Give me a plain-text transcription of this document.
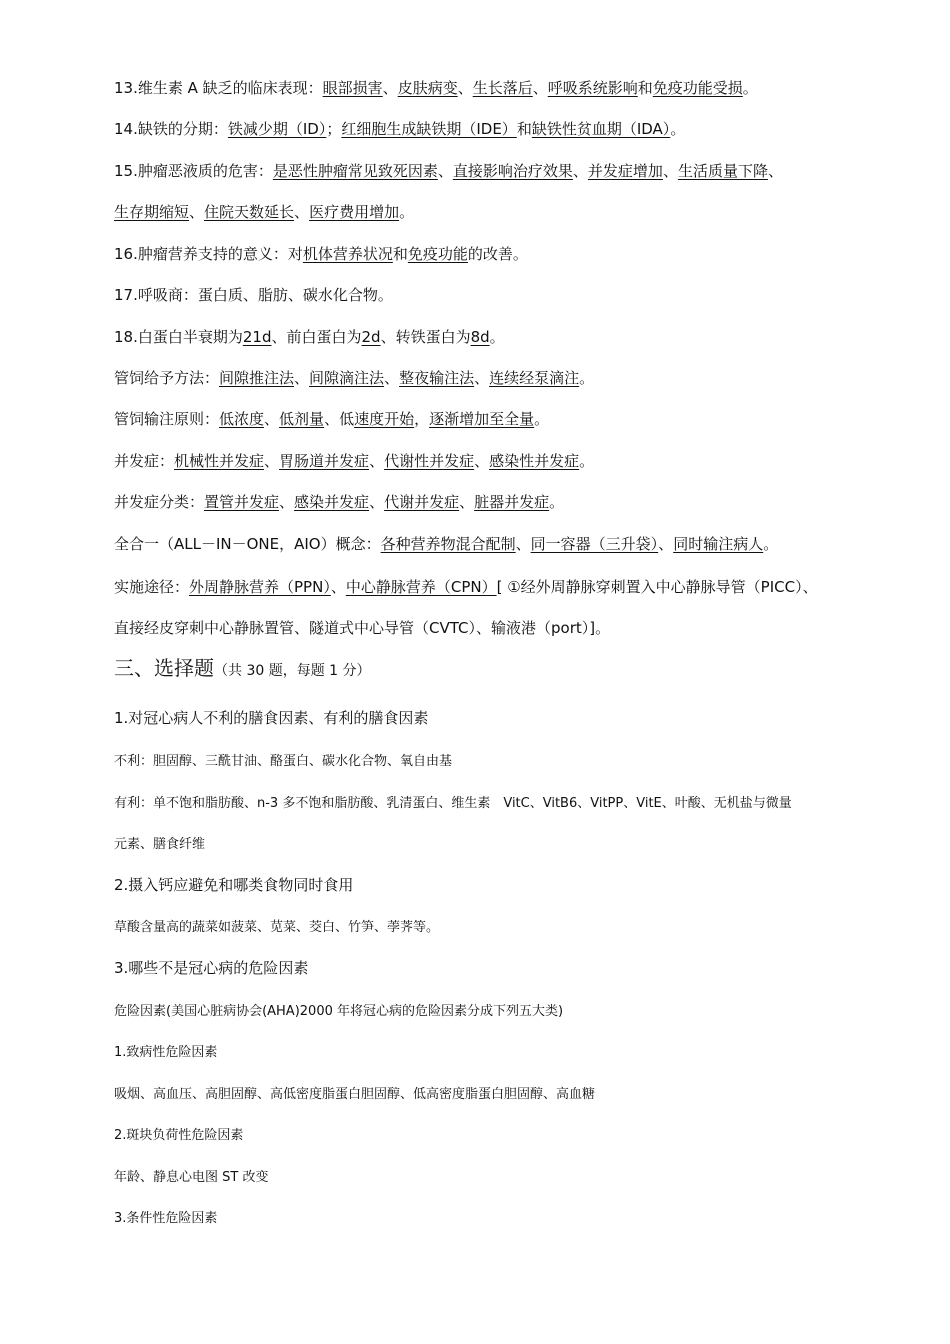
13.维生素 A 缺乏的临床表现：眼部损害、皮肤病变、生长落后、呼吸系统影响和免疫功能受损。
14.缺铁的分期：铁减少期（ID）；红细胞生成缺铁期（IDE）和缺铁性贫血期（IDA）。
15.肿瘤恶液质的危害：是恶性肿瘤常见致死因素、直接影响治疗效果、并发症增加、生活质量下降、
生存期缩短、住院天数延长、医疗费用增加。
16.肿瘤营养支持的意义：对机体营养状况和免疫功能的改善。
17.呼吸商：蛋白质、脂肪、碳水化合物。
18.白蛋白半衰期为21d、前白蛋白为2d、转铁蛋白为8d。
管饲给予方法：间隙推注法、间隙滴注法、整夜输注法、连续经泵滴注。
管饲输注原则：低浓度、低剂量、低速度开始，逐渐增加至全量。
并发症：机械性并发症、胃肠道并发症、代谢性并发症、感染性并发症。
并发症分类：置管并发症、感染并发症、代谢并发症、脏器并发症。
全合一（ALL－IN－ONE，AIO）概念：各种营养物混合配制、同一容器（三升袋）、同时输注病人。
实施途径：外周静脉营养（PPN）、中心静脉营养（CPN）[ ①经外周静脉穿刺置入中心静脉导管（PICC）、
直接经皮穿刺中心静脉置管、隧道式中心导管（CVTC）、输液港（port）]。
三、选择题（共 30 题，每题 1 分）
1.对冠心病人不利的膳食因素、有利的膳食因素
不利：胆固醇、三酰甘油、酪蛋白、碳水化合物、氧自由基
有利：单不饱和脂肪酸、n-3 多不饱和脂肪酸、乳清蛋白、维生素　VitC、VitB6、VitPP、VitE、叶酸、无机盐与微量
元素、膳食纤维
2.摄入钙应避免和哪类食物同时食用
草酸含量高的蔬菜如菠菜、苋菜、茭白、竹笋、荸荠等。
3.哪些不是冠心病的危险因素
危险因素(美国心脏病协会(AHA)2000 年将冠心病的危险因素分成下列五大类)
1.致病性危险因素
吸烟、高血压、高胆固醇、高低密度脂蛋白胆固醇、低高密度脂蛋白胆固醇、高血糖
2.斑块负荷性危险因素
年龄、静息心电图 ST 改变
3.条件性危险因素
